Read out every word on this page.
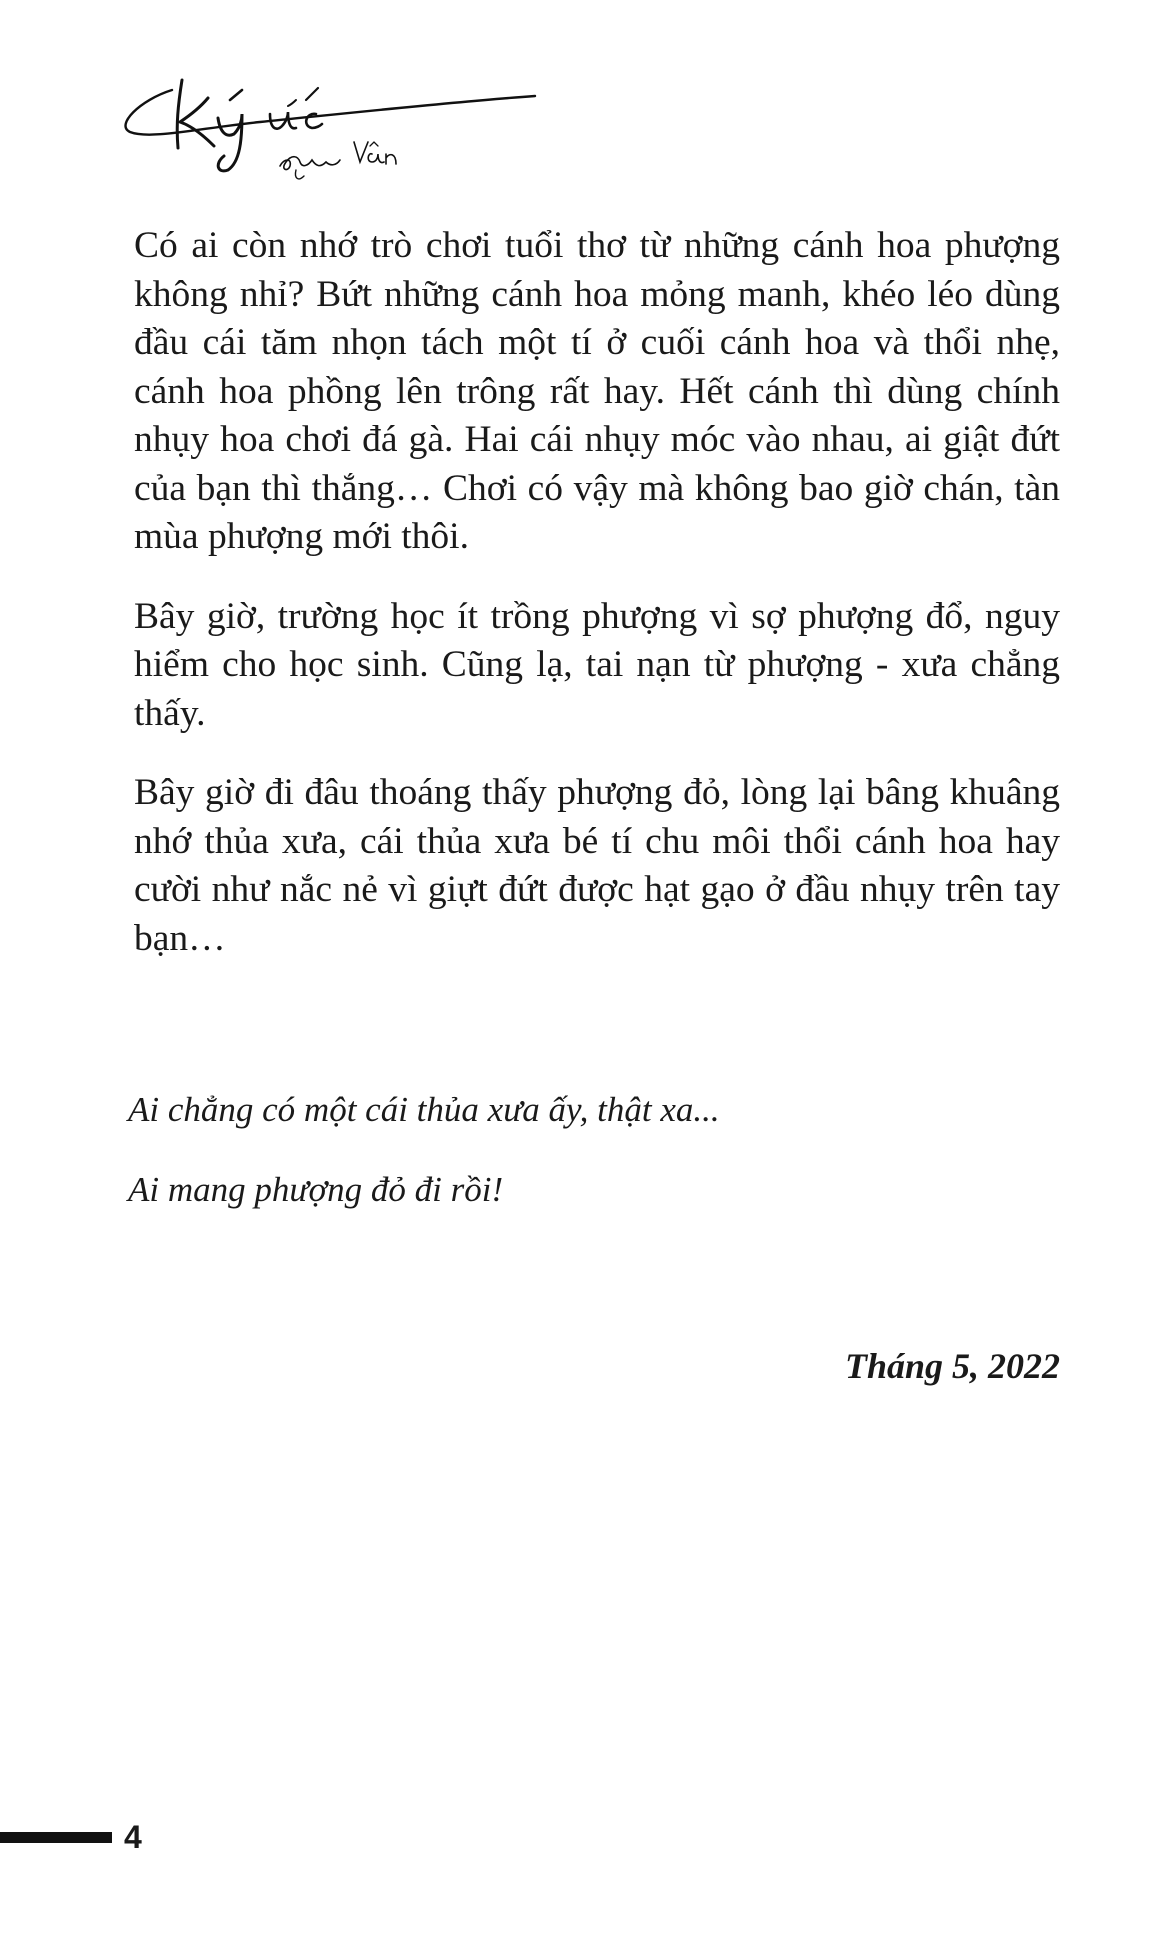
Có ai còn nhớ trò chơi tuổi thơ từ những cánh hoa phượng không nhỉ? Bứt những cánh hoa mỏng manh, khéo léo dùng đầu cái tăm nhọn tách một tí ở cuối cánh hoa và thổi nhẹ, cánh hoa phồng lên trông rất hay. Hết cánh thì dùng chính nhụy hoa chơi đá gà. Hai cái nhụy móc vào nhau, ai giật đứt của bạn thì thắng… Chơi có vậy mà không bao giờ chán, tàn mùa phượng mới thôi.

Bây giờ, trường học ít trồng phượng vì sợ phượng đổ, nguy hiểm cho học sinh. Cũng lạ, tai nạn từ phượng - xưa chẳng thấy.

Bây giờ đi đâu thoáng thấy phượng đỏ, lòng lại bâng khuâng nhớ thủa xưa, cái thủa xưa bé tí chu môi thổi cánh hoa hay cười như nắc nẻ vì giựt đứt được hạt gạo ở đầu nhụy trên tay bạn…

Ai chẳng có một cái thủa xưa ấy, thật xa...
Ai mang phượng đỏ đi rồi!
Tháng 5, 2022
4
